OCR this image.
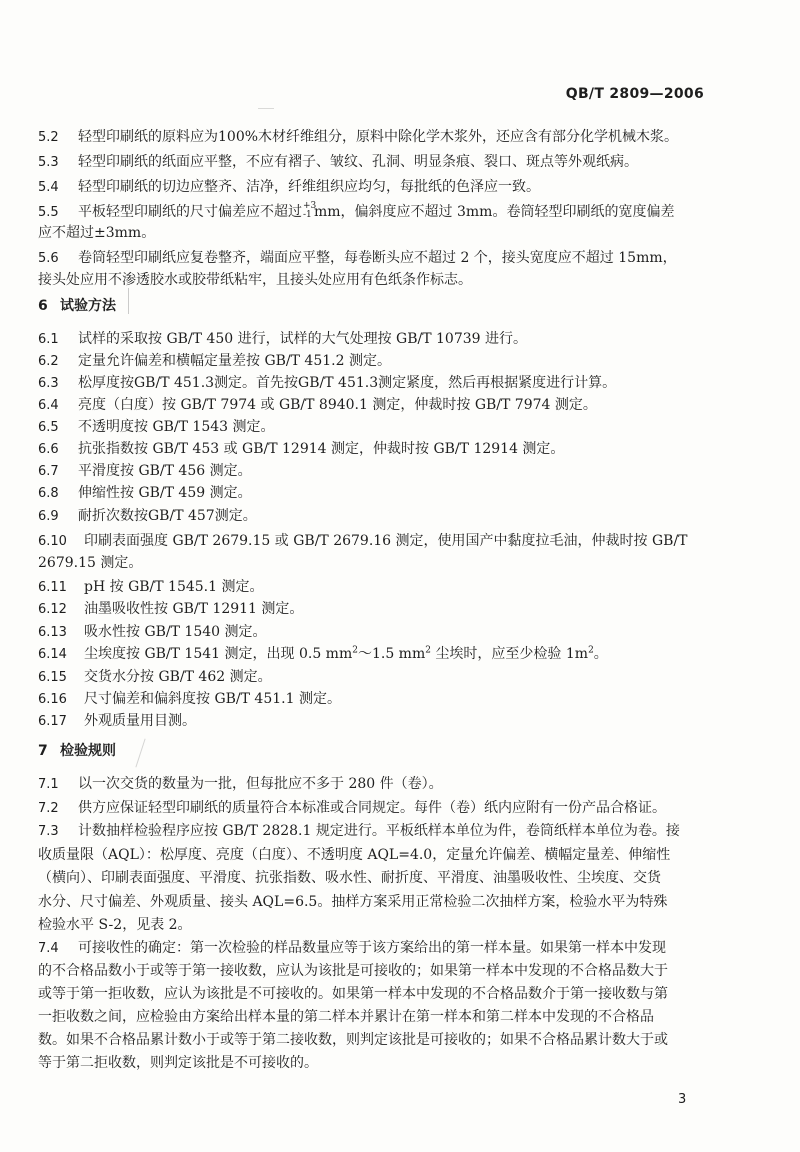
QB/T 2809—2006
5.2 轻型印刷纸的原料应为100%木材纤维组分，原料中除化学木浆外，还应含有部分化学机械木浆。
5.3 轻型印刷纸的纸面应平整，不应有褶子、皱纹、孔洞、明显条痕、裂口、斑点等外观纸病。
5.4 轻型印刷纸的切边应整齐、洁净，纤维组织应均匀，每批纸的色泽应一致。
5.5 平板轻型印刷纸的尺寸偏差应不超过 +3
-1 mm，偏斜度应不超过 3mm。卷筒轻型印刷纸的宽度偏差
应不超过±3mm。
5.6 卷筒轻型印刷纸应复卷整齐，端面应平整，每卷断头应不超过 2 个，接头宽度应不超过 15mm，
接头处应用不渗透胶水或胶带纸粘牢，且接头处应用有色纸条作标志。
6 试验方法
6.1 试样的采取按 GB/T 450 进行，试样的大气处理按 GB/T 10739 进行。
6.2 定量允许偏差和横幅定量差按 GB/T 451.2 测定。
6.3 松厚度按GB/T 451.3测定。首先按GB/T 451.3测定紧度，然后再根据紧度进行计算。
6.4 亮度（白度）按 GB/T 7974 或 GB/T 8940.1 测定，仲裁时按 GB/T 7974 测定。
6.5 不透明度按 GB/T 1543 测定。
6.6 抗张指数按 GB/T 453 或 GB/T 12914 测定，仲裁时按 GB/T 12914 测定。
6.7 平滑度按 GB/T 456 测定。
6.8 伸缩性按 GB/T 459 测定。
6.9 耐折次数按GB/T 457测定。
6.10 印刷表面强度 GB/T 2679.15 或 GB/T 2679.16 测定，使用国产中黏度拉毛油，仲裁时按 GB/T
2679.15 测定。
6.11 pH 按 GB/T 1545.1 测定。
6.12 油墨吸收性按 GB/T 12911 测定。
6.13 吸水性按 GB/T 1540 测定。
6.14 尘埃度按 GB/T 1541 测定，出现 0.5 $mm^2\sim 1.5$ $mm^2$ 尘埃时，应至少检验 $1m^2$。
6.15 交货水分按 GB/T 462 测定。
6.16 尺寸偏差和偏斜度按 GB/T 451.1 测定。
6.17 外观质量用目测。
7 检验规则
7.1 以一次交货的数量为一批，但每批应不多于 280 件（卷）。
7.2 供方应保证轻型印刷纸的质量符合本标准或合同规定。每件（卷）纸内应附有一份产品合格证。
7.3 计数抽样检验程序应按 GB/T 2828.1 规定进行。平板纸样本单位为件，卷筒纸样本单位为卷。接
收质量限（AQL）：松厚度、亮度（白度）、不透明度 AQL=4.0，定量允许偏差、横幅定量差、伸缩性
（横向）、印刷表面强度、平滑度、抗张指数、吸水性、耐折度、平滑度、油墨吸收性、尘埃度、交货
水分、尺寸偏差、外观质量、接头 AQL=6.5。抽样方案采用正常检验二次抽样方案，检验水平为特殊
检验水平 S-2，见表 2。
7.4 可接收性的确定：第一次检验的样品数量应等于该方案给出的第一样本量。如果第一样本中发现
的不合格品数小于或等于第一接收数，应认为该批是可接收的；如果第一样本中发现的不合格品数大于
或等于第一拒收数，应认为该批是不可接收的。如果第一样本中发现的不合格品数介于第一接收数与第
一拒收数之间，应检验由方案给出样本量的第二样本并累计在第一样本和第二样本中发现的不合格品
数。如果不合格品累计数小于或等于第二接收数，则判定该批是可接收的；如果不合格品累计数大于或
等于第二拒收数，则判定该批是不可接收的。
3
